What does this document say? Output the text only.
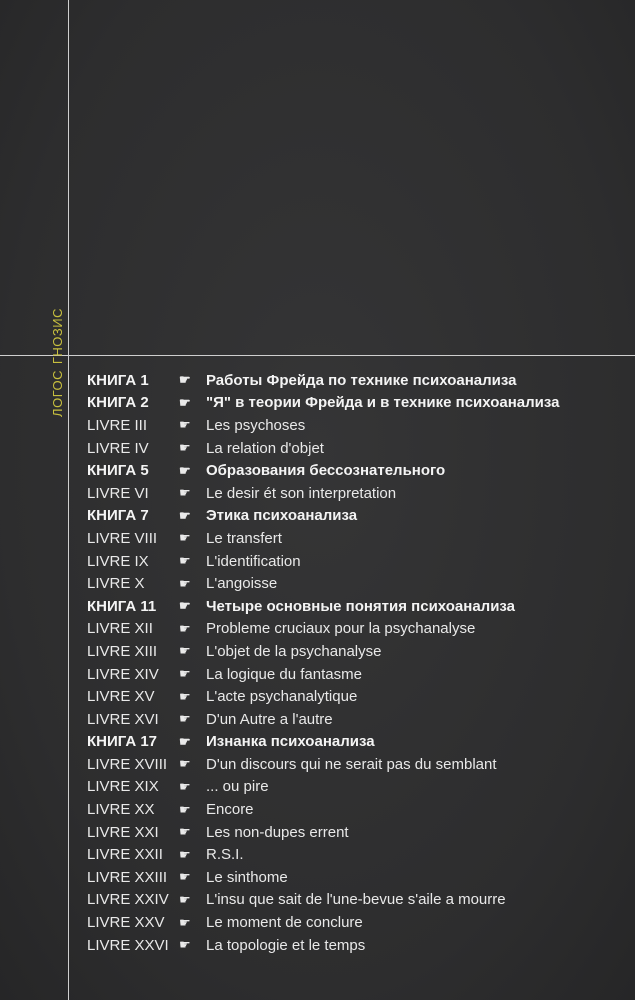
ЛОГОС
ГНОЗИС
КНИГА 1	☛	Работы Фрейда по технике психоанализа
КНИГА 2	☛	"Я" в теории Фрейда и в технике психоанализа
LIVRE III	☛	Les psychoses
LIVRE IV	☛	La relation d'objet
КНИГА 5	☛	Образования бессознательного
LIVRE VI	☛	Le desir ét son interpretation
КНИГА 7	☛	Этика психоанализа
LIVRE VIII	☛	Le transfert
LIVRE IX	☛	L'identification
LIVRE X	☛	L'angoisse
КНИГА 11	☛	Четыре основные понятия психоанализа
LIVRE XII	☛	Probleme cruciaux pour la psychanalyse
LIVRE XIII	☛	L'objet de la psychanalyse
LIVRE XIV	☛	La logique du fantasme
LIVRE XV	☛	L'acte psychanalytique
LIVRE XVI	☛	D'un Autre a l'autre
КНИГА 17	☛	Изнанка психоанализа
LIVRE XVIII ☛	D'un discours qui ne serait pas du semblant
LIVRE XIX	☛	... ou pire
LIVRE XX	☛	Encore
LIVRE XXI	☛	Les non-dupes errent
LIVRE XXII	☛	R.S.I.
LIVRE XXIII ☛	Le sinthome
LIVRE XXIV ☛	L'insu que sait de l'une-bevue s'aile a mourre
LIVRE XXV	☛	Le moment de conclure
LIVRE XXVI ☛	La topologie et le temps
